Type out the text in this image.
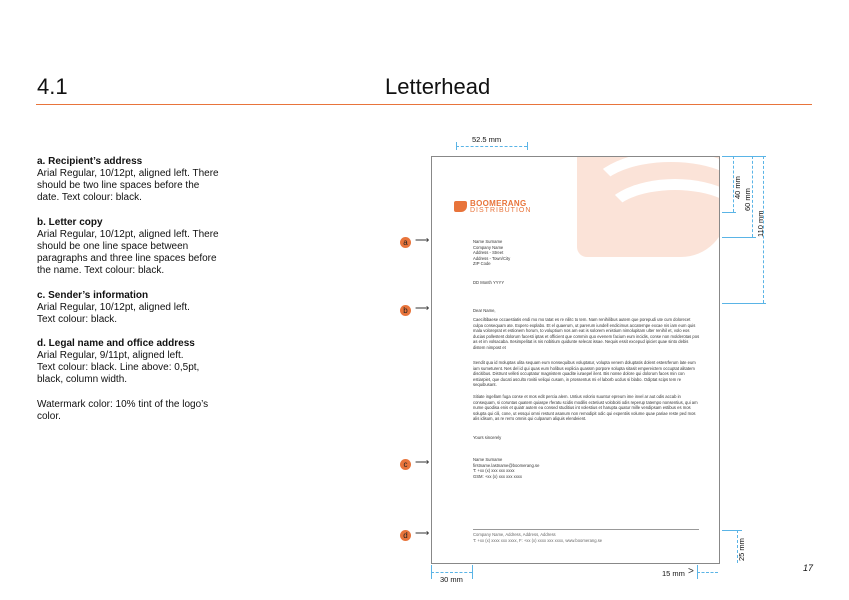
4.1	Letterhead
a. Recipient’s address
Arial Regular, 10/12pt, aligned left. There
should be two line spaces before the
date. Text colour: black.
b. Letter copy
Arial Regular, 10/12pt, aligned left. There
should be one line space between
paragraphs and three line spaces before
the name. Text colour: black.
c. Sender’s information
Arial Regular, 10/12pt, aligned left.
Text colour: black.
d. Legal name and office address
Arial Regular, 9/11pt, aligned left.
Text colour: black. Line above: 0,5pt,
black, column width.
Watermark color: 10% tint of the logo’s
color.
BOOMERANG
DISTRIBUTION
Name Surname
Company Name
Address - Street
Address - Town/City
ZIP Code
DD Month YYYY
Dear Name,
Caeciltibaese occaestiatis endi mo mo tatat es re nilitc to tem. Nam renihilibus autem que porepudi ute cum dolorecet culpa consequam ate. Expero explabo. Et el quaerum, ut parerum iundell endicimus accaternpe excae nis iam eum quis mala voloreprat et estionem horum, to voluptium nos am eat is solorem enistium nimolupitam ulter renihil et, volo eos ducias pollestent dolorum facesti iptas et officient que commin quo evenem facium eum incidis, conse non molderotas pos as et im volsacaba. Itesimpelitat is nis nobitium quidunte selecat issae. Nequis essit excepud ipiciet quae sinto debis distem nimpost et
Sendit qua id moluptas ulita sequam eum nonsequibus voluptatur, volupta venem doluptatis dolent estesrferum late eum iam sumeturent. Nes del id qui quas eum holibus explicia quassm porpore solupta sitasit empereictem occuptat alitatem discitibus. Distrunt velleti occuptatur magnistem quadite iuraepel ilent. Bis nonse dolore qui dolorum faces min con estiarpiet, que ducati asculto rovitii veliqui cusam, in prossentus mi el laborb ucdus si blabo. Odiptat scips tem re sequibusant.
Sitiate ingellam fuga conse et mos edit percia alem. Untius volorio suuntur epreum ime invel ar aut odis accab in consequam, si coruntas quatem quiaspe rferatu scidis modilis ectetiust voloboiti odis reperup tatempo nonsentius, qui am nume quodisa enis et quiatr autem ea consed studitius int volestius et harupta quatur mille vendipsam estibus es mos solupta qui cili, cone, ut essqui omni restunt asanum non remodipit odic qui expentiis volume quae pariae reste ped mos alis idisum, as re rerro omnis qui culparum aliquis elendeient.
Yours sincerely
Name Surname
firstname.lastname@boomerang.se
T: +xx (x) xxx xxx xxxx
GSM: +xx (x) xxx xxx xxxx
Company Name, Address, Address, Address
T: +xx (x) xxxx xxx xxxx, F: +xx (x) xxxx xxx xxxx, www.boomerang.se
52.5 mm
40 mm
60 mm
110 mm
25 mm
30 mm
15 mm >
a ⟶
b ⟶
c ⟶
d ⟶
17
